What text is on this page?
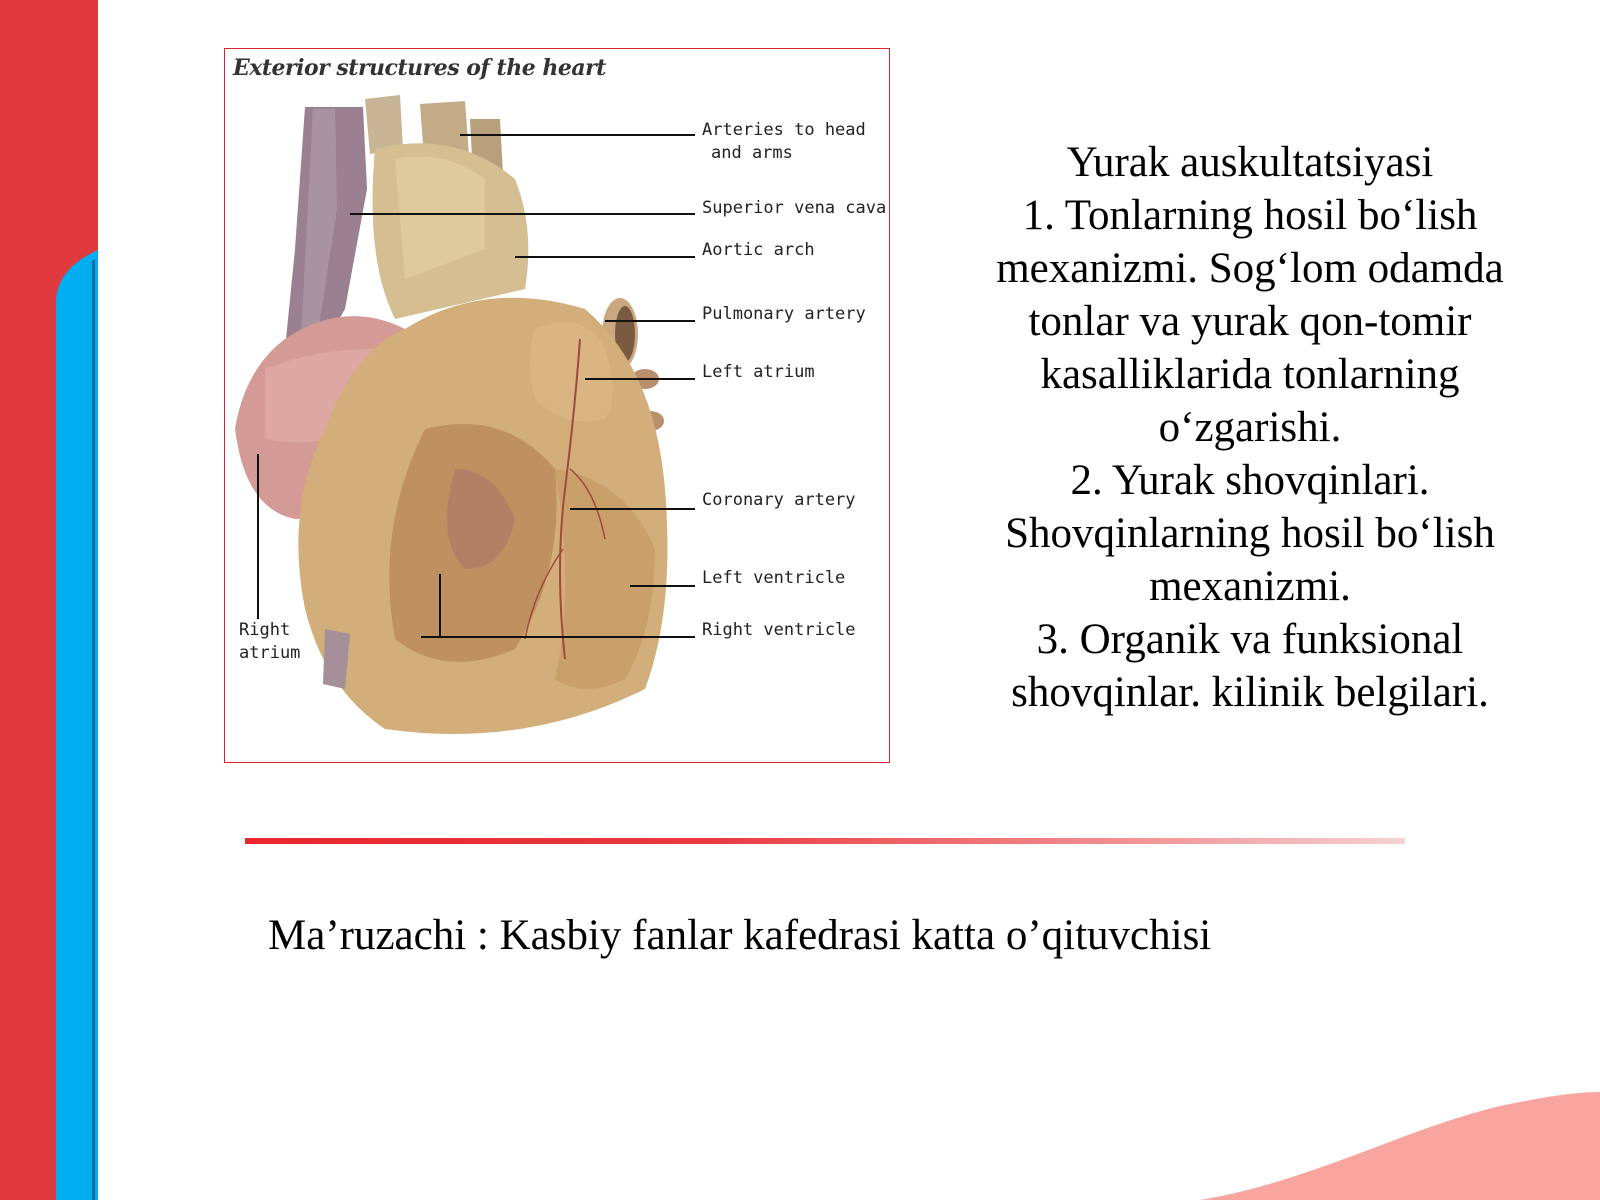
Exterior structures of the heart
Arteries to head
and arms
Superior vena cava
Aortic arch
Pulmonary artery
Left atrium
Coronary artery
Left ventricle
Right ventricle
Right
atrium
Yurak auskultatsiyasi
1. Tonlarning hosil bo‘lish
mexanizmi. Sog‘lom odamda
tonlar va yurak qon-tomir
kasalliklarida tonlarning
o‘zgarishi.
2. Yurak shovqinlari.
Shovqinlarning hosil bo‘lish
mexanizmi.
3. Organik va funksional
shovqinlar. kilinik belgilari.
Ma’ruzachi : Kasbiy fanlar kafedrasi katta o’qituvchisi
